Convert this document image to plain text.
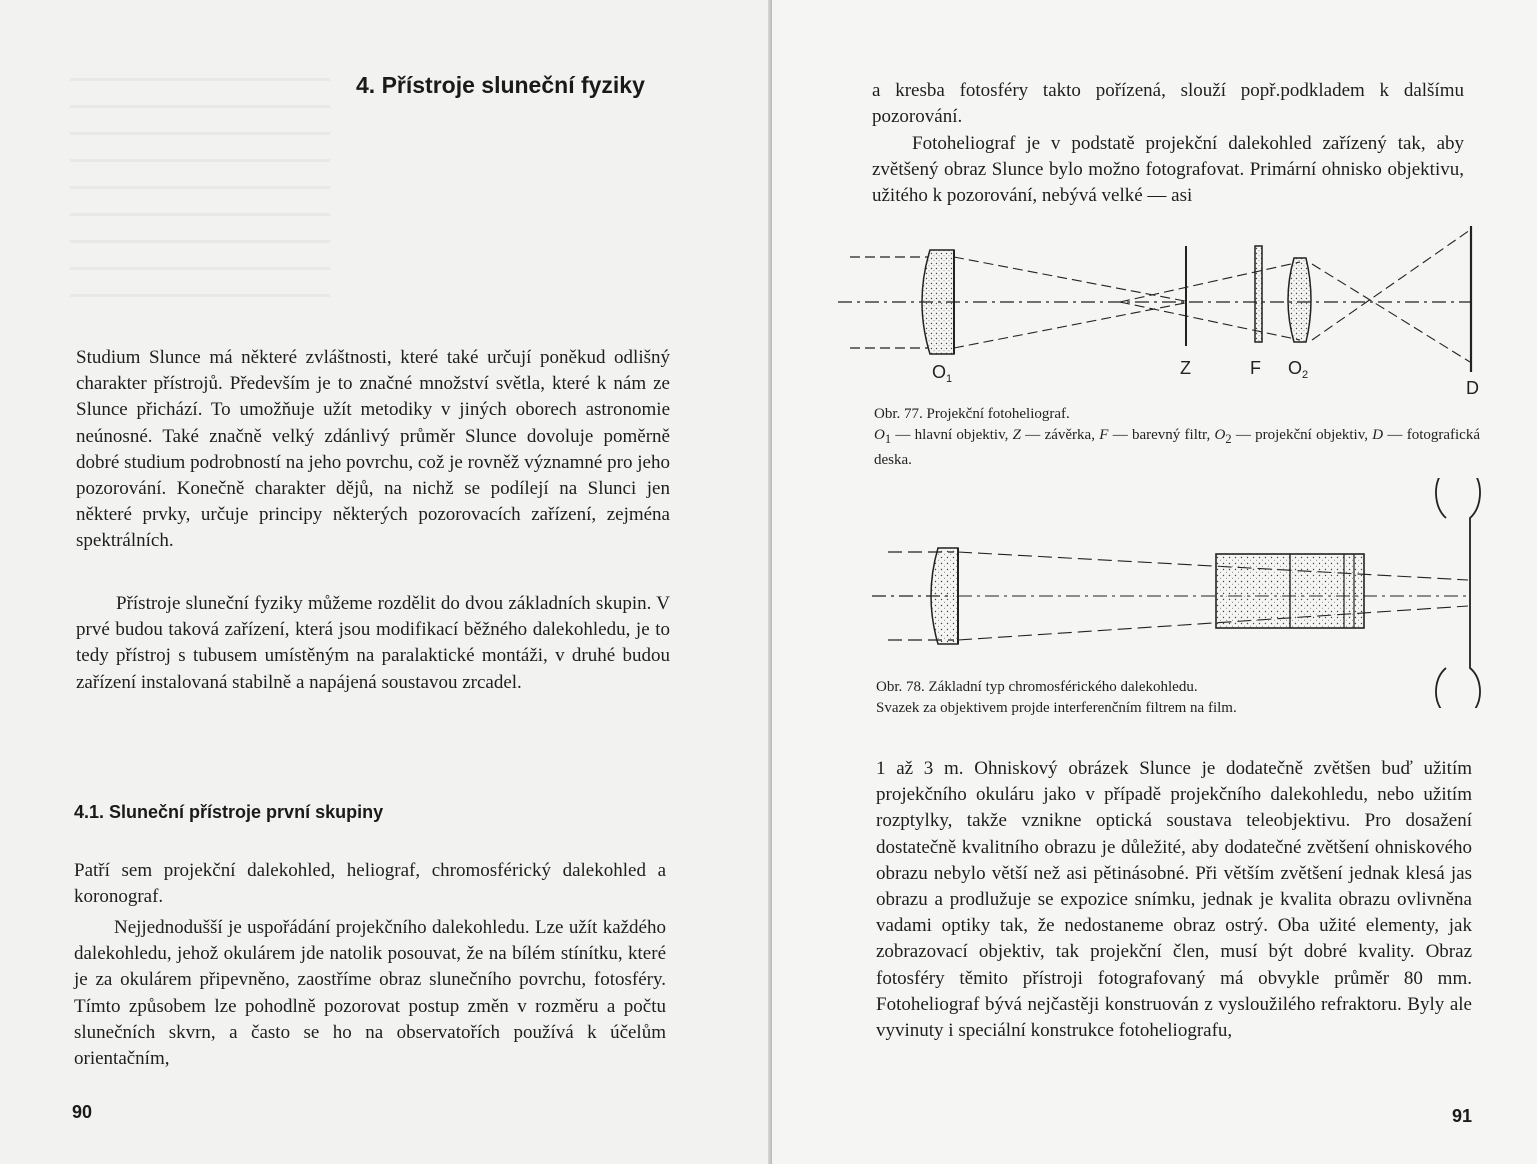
4. Přístroje sluneční fyziky

Studium Slunce má některé zvláštnosti, které také určují poněkud odlišný charakter přístrojů. Především je to značné množství světla, které k nám ze Slunce přichází. To umožňuje užít metodiky v jiných oborech astronomie neúnosné. Také značně velký zdánlivý průměr Slunce dovoluje poměrně dobré studium podrobností na jeho povrchu, což je rovněž významné pro jeho pozorování. Konečně charakter dějů, na nichž se podílejí na Slunci jen některé prvky, určuje principy některých pozorovacích zařízení, zejména spektrálních.

Přístroje sluneční fyziky můžeme rozdělit do dvou základních skupin. V prvé budou taková zařízení, která jsou modifikací běžného dalekohledu, je to tedy přístroj s tubusem umístěným na paralaktické montáži, v druhé budou zařízení instalovaná stabilně a napájená soustavou zrcadel.

4.1. Sluneční přístroje první skupiny

Patří sem projekční dalekohled, heliograf, chromosférický dalekohled a koronograf.

Nejjednodušší je uspořádání projekčního dalekohledu. Lze užít každého dalekohledu, jehož okulárem jde natolik posouvat, že na bílém stínítku, které je za okulárem připevněno, zaostříme obraz slunečního povrchu, fotosféry. Tímto způsobem lze pohodlně pozorovat postup změn v rozměru a počtu slunečních skvrn, a často se ho na observatořích používá k účelům orientačním,

90

a kresba fotosféry takto pořízená, slouží popř.podkladem k dalšímu pozorování.

Fotoheliograf je v podstatě projekční dalekohled zařízený tak, aby zvětšený obraz Slunce bylo možno fotografovat. Primární ohnisko objektivu, užitého k pozorování, nebývá velké — asi

$O_1$
Z	F $O_2$
D
Obr. 77. Projekční fotoheliograf.
$O_1$ — hlavní objektiv, Z — závěrka, F — barevný filtr, $O_2$ — projekční objektiv, D — fotografická deska.
Obr. 78. Základní typ chromosférického dalekohledu.
Svazek za objektivem projde interferenčním filtrem na film.

1 až 3 m. Ohniskový obrázek Slunce je dodatečně zvětšen buď užitím projekčního okuláru jako v případě projekčního dalekohledu, nebo užitím rozptylky, takže vznikne optická soustava teleobjektivu. Pro dosažení dostatečně kvalitního obrazu je důležité, aby dodatečné zvětšení ohniskového obrazu nebylo větší než asi pětinásobné. Při větším zvětšení jednak klesá jas obrazu a prodlužuje se expozice snímku, jednak je kvalita obrazu ovlivněna vadami optiky tak, že nedostaneme obraz ostrý. Oba užité elementy, jak zobrazovací objektiv, tak projekční člen, musí být dobré kvality. Obraz fotosféry těmito přístroji fotografovaný má obvykle průměr 80 mm. Fotoheliograf bývá nejčastěji konstruován z vysloužilého refraktoru. Byly ale vyvinuty i speciální konstrukce fotoheliografu,

91
